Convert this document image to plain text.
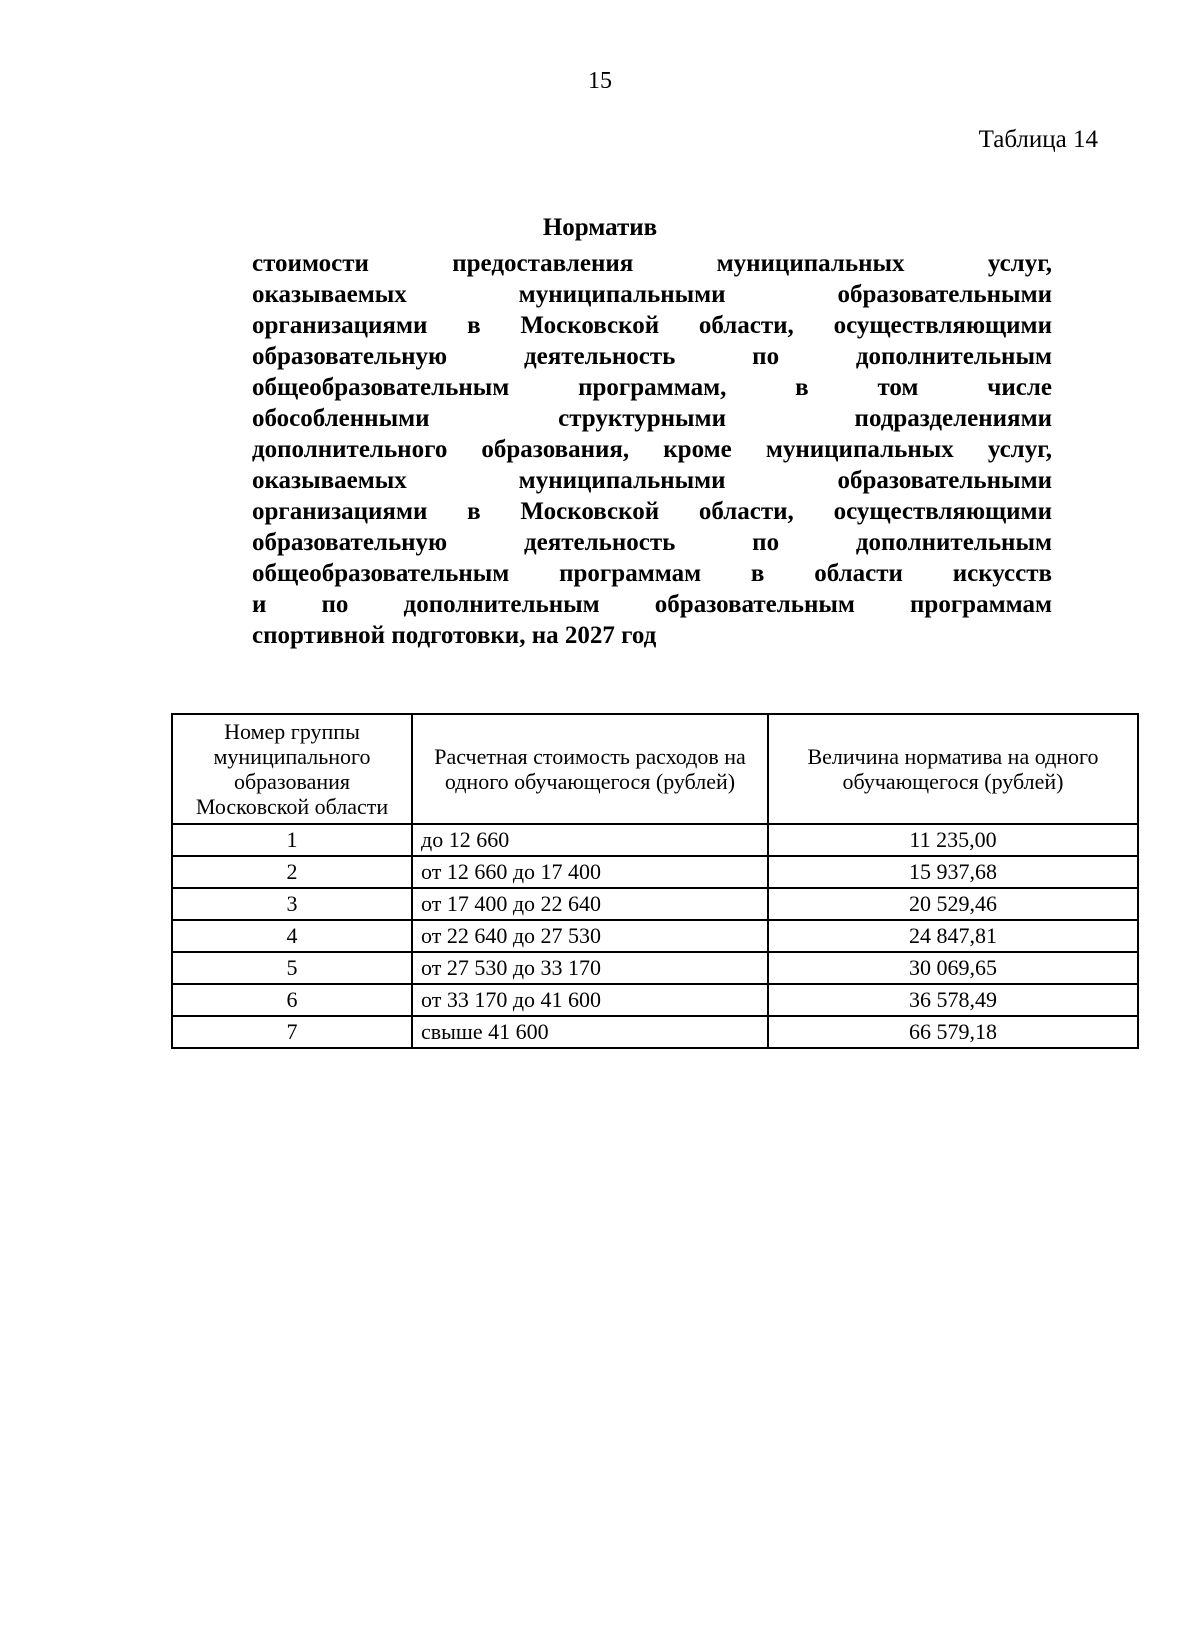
15
Таблица 14
Норматив
стоимости предоставления муниципальных услуг,
оказываемых муниципальными образовательными
организациями в Московской области, осуществляющими
образовательную деятельность по дополнительным
общеобразовательным программам, в том числе
обособленными структурными подразделениями
дополнительного образования, кроме муниципальных услуг,
оказываемых муниципальными образовательными
организациями в Московской области, осуществляющими
образовательную деятельность по дополнительным
общеобразовательным программам в области искусств
и по дополнительным образовательным программам
спортивной подготовки, на 2027 год
Номер группы муниципального образования Московской области	Расчетная стоимость расходов на одного обучающегося (рублей)	Величина норматива на одного обучающегося (рублей)
1	до 12 660	11 235,00
2	от 12 660 до 17 400	15 937,68
3	от 17 400 до 22 640	20 529,46
4	от 22 640 до 27 530	24 847,81
5	от 27 530 до 33 170	30 069,65
6	от 33 170 до 41 600	36 578,49
7	свыше 41 600	66 579,18
